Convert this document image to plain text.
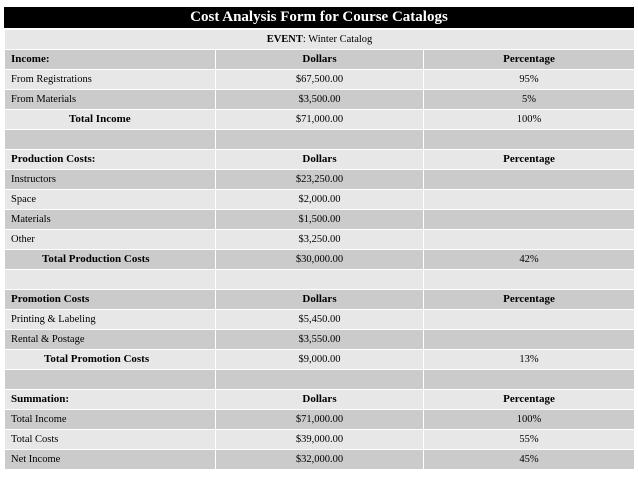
Cost Analysis Form for Course Catalogs
EVENT: Winter Catalog		
Income:	Dollars	Percentage
From Registrations	$67,500.00	95%
From Materials	$3,500.00	5%
Total Income	$71,000.00	100%

Production Costs:	Dollars	Percentage
Instructors	$23,250.00	
Space	$2,000.00	
Materials	$1,500.00	
Other	$3,250.00	
Total Production Costs	$30,000.00	42%

Promotion Costs	Dollars	Percentage
Printing & Labeling	$5,450.00	
Rental & Postage	$3,550.00	
Total Promotion Costs	$9,000.00	13%

Summation:	Dollars	Percentage
Total Income	$71,000.00	100%
Total Costs	$39,000.00	55%
Net Income	$32,000.00	45%
